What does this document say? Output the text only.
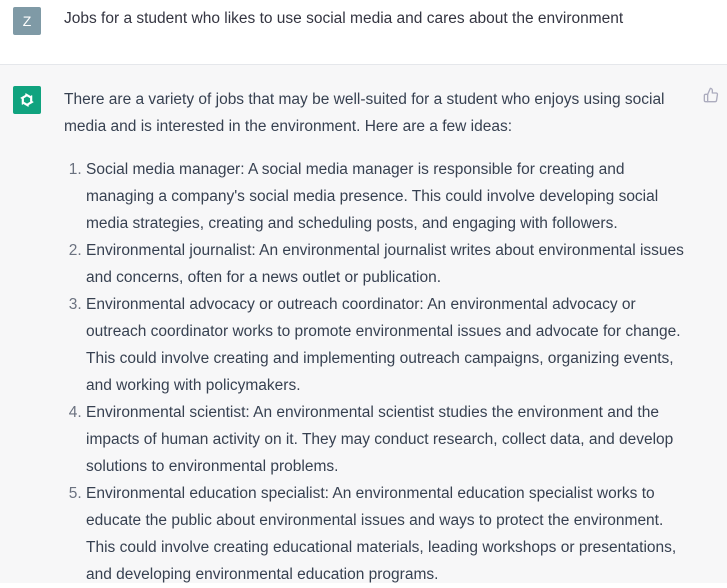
Z	Jobs for a student who likes to use social media and cares about the environment

There are a variety of jobs that may be well-suited for a student who enjoys using social media and is interested in the environment. Here are a few ideas:

1. Social media manager: A social media manager is responsible for creating and managing a company's social media presence. This could involve developing social media strategies, creating and scheduling posts, and engaging with followers.
2. Environmental journalist: An environmental journalist writes about environmental issues and concerns, often for a news outlet or publication.
3. Environmental advocacy or outreach coordinator: An environmental advocacy or outreach coordinator works to promote environmental issues and advocate for change. This could involve creating and implementing outreach campaigns, organizing events, and working with policymakers.
4. Environmental scientist: An environmental scientist studies the environment and the impacts of human activity on it. They may conduct research, collect data, and develop solutions to environmental problems.
5. Environmental education specialist: An environmental education specialist works to educate the public about environmental issues and ways to protect the environment. This could involve creating educational materials, leading workshops or presentations, and developing environmental education programs.
